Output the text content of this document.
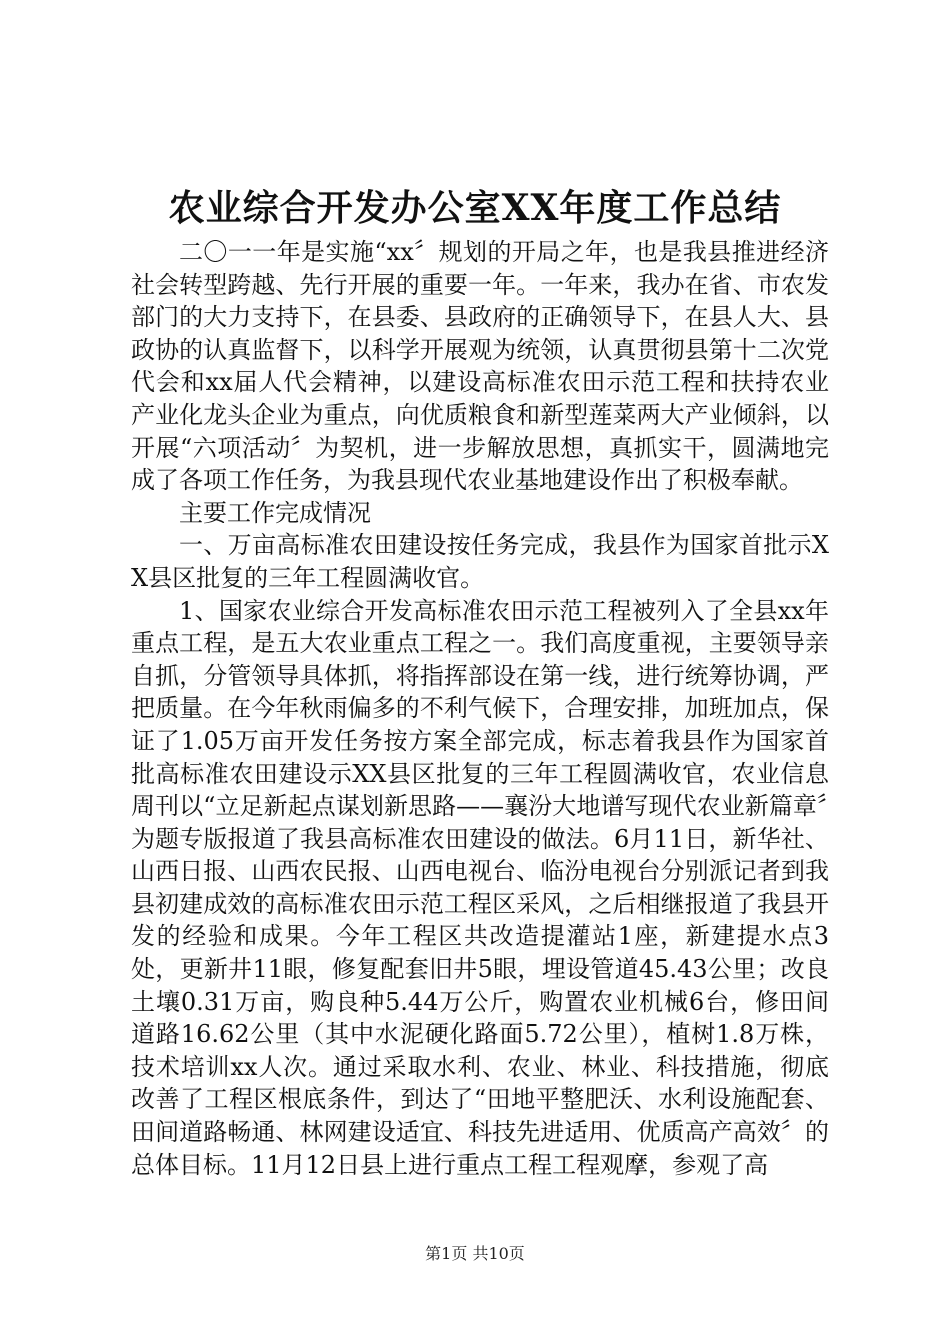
农业综合开发办公室XX年度工作总结

二〇一一年是实施“xx〞规划的开局之年，也是我县推进经济社会转型跨越、先行开展的重要一年。一年来，我办在省、市农发部门的大力支持下，在县委、县政府的正确领导下，在县人大、县政协的认真监督下，以科学开展观为统领，认真贯彻县第十二次党代会和xx届人代会精神，以建设高标准农田示范工程和扶持农业产业化龙头企业为重点，向优质粮食和新型莲菜两大产业倾斜，以开展“六项活动〞为契机，进一步解放思想，真抓实干，圆满地完成了各项工作任务，为我县现代农业基地建设作出了积极奉献。

主要工作完成情况

一、万亩高标准农田建设按任务完成，我县作为国家首批示XX县区批复的三年工程圆满收官。

1、国家农业综合开发高标准农田示范工程被列入了全县xx年重点工程，是五大农业重点工程之一。我们高度重视，主要领导亲自抓，分管领导具体抓，将指挥部设在第一线，进行统筹协调，严把质量。在今年秋雨偏多的不利气候下，合理安排，加班加点，保证了1.05万亩开发任务按方案全部完成，标志着我县作为国家首批高标准农田建设示XX县区批复的三年工程圆满收官，农业信息周刊以“立足新起点谋划新思路——襄汾大地谱写现代农业新篇章〞为题专版报道了我县高标准农田建设的做法。6月11日，新华社、山西日报、山西农民报、山西电视台、临汾电视台分别派记者到我县初建成效的高标准农田示范工程区采风，之后相继报道了我县开发的经验和成果。今年工程区共改造提灌站1座，新建提水点3处，更新井11眼，修复配套旧井5眼，埋设管道45.43公里；改良土壤0.31万亩，购良种5.44万公斤，购置农业机械6台，修田间道路16.62公里（其中水泥硬化路面5.72公里），植树1.8万株，技术培训xx人次。通过采取水利、农业、林业、科技措施，彻底改善了工程区根底条件，到达了“田地平整肥沃、水利设施配套、田间道路畅通、林网建设适宜、科技先进适用、优质高产高效〞的总体目标。11月12日县上进行重点工程工程观摩，参观了高

第1页 共10页
